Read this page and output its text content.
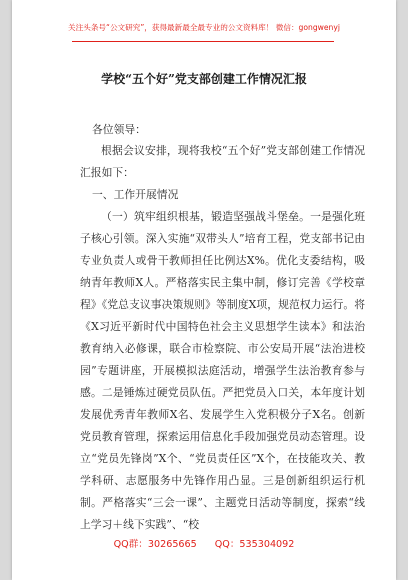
关注头条号“公文研究”，获得最新最全最专业的公文资料库！ 微信：gongwenyj
学校“五个好”党支部创建工作情况汇报
各位领导：
根据会议安排，现将我校“五个好”党支部创建工作情况汇报如下：
一、工作开展情况
（一）筑牢组织根基，锻造坚强战斗堡垒。一是强化班子核心引领。深入实施“双带头人”培育工程，党支部书记由专业负责人或骨干教师担任比例达X%。优化支委结构，吸纳青年教师X人。严格落实民主集中制，修订完善《学校章程》《党总支议事决策规则》等制度X项，规范权力运行。将《X习近平新时代中国特色社会主义思想学生读本》和法治教育纳入必修课，联合市检察院、市公安局开展“法治进校园”专题讲座，开展模拟法庭活动，增强学生法治教育参与感。二是锤炼过硬党员队伍。严把党员入口关，本年度计划发展优秀青年教师X名、发展学生入党积极分子X名。创新党员教育管理，探索运用信息化手段加强党员动态管理。设立“党员先锋岗”X个、“党员责任区”X个，在技能攻关、教学科研、志愿服务中先锋作用凸显。三是创新组织运行机制。严格落实“三会一课”、主题党日活动等制度，探索“线上学习＋线下实践”、“校
QQ群：30265665 QQ：535304092
